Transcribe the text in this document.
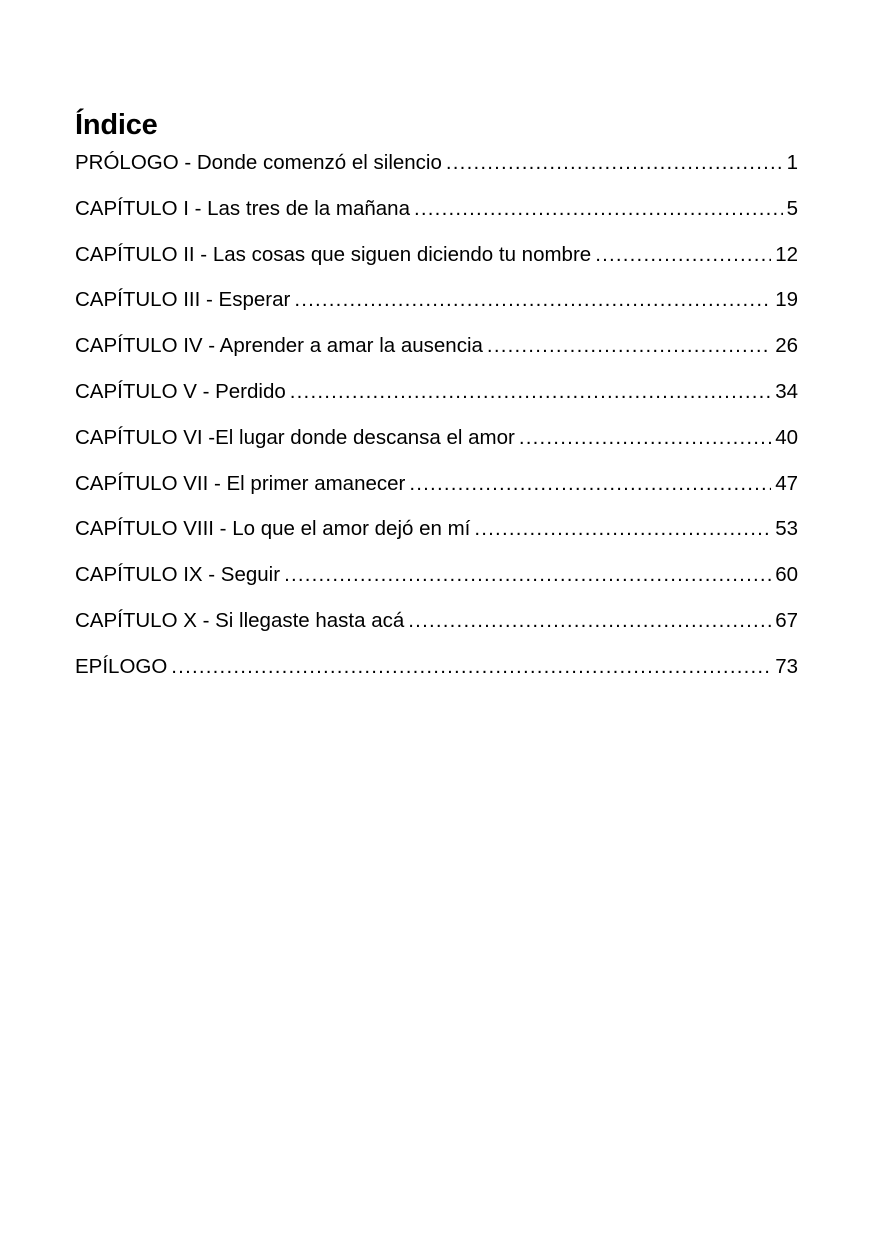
Índice
PRÓLOGO - Donde comenzó el silencio .....	1
CAPÍTULO I - Las tres de la mañana .....	5
CAPÍTULO II - Las cosas que siguen diciendo tu nombre .....	12
CAPÍTULO III - Esperar .....	19
CAPÍTULO IV - Aprender a amar la ausencia .....	26
CAPÍTULO V - Perdido .....	34
CAPÍTULO VI -El lugar donde descansa el amor .....	40
CAPÍTULO VII - El primer amanecer .....	47
CAPÍTULO VIII - Lo que el amor dejó en mí .....	53
CAPÍTULO IX - Seguir .....	60
CAPÍTULO X - Si llegaste hasta acá .....	67
EPÍLOGO .....	73
